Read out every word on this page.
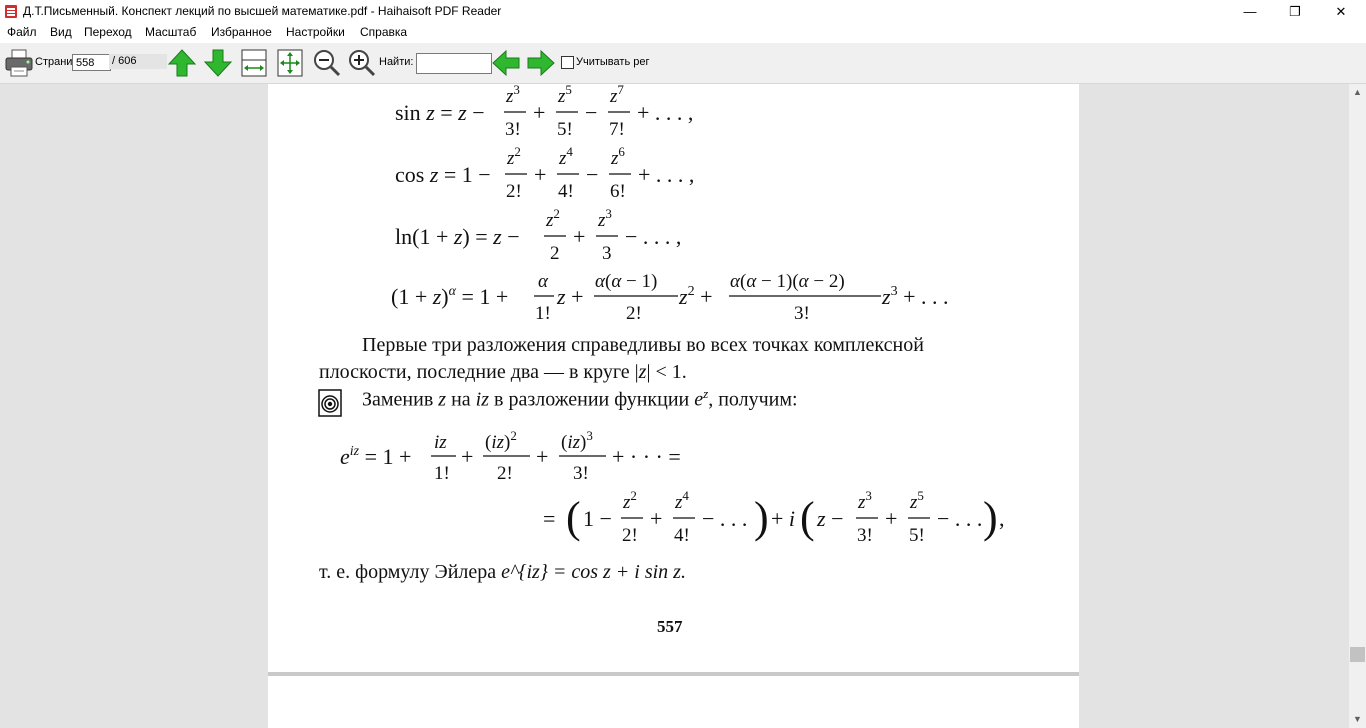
Д.Т.Письменный. Конспект лекций по высшей математике.pdf - Haihaisoft PDF Reader	—	❐	✕
Файл Вид Переход Масштаб Избранное Настройки Справка
Страни
558	/ 606	Найти:	Учитывать рег
sin z = z −
$z^3$
3!
+
$z^5$
5!
−
$z^7$
7!
+ . . . ,
cos z = 1 −
$z^2$
2!
+
$z^4$
4!
−
$z^6$
6!
+ . . . ,
ln(1 + z) = z −
$z^2$
2
+
$z^3$
3
− . . . ,
$(1 + z)^\alpha = 1$ +
α
1!
z +
α(α − 1)
2!
$z^2$ +
α(α − 1)(α − 2)
3!
$z^3$ + . . .
Первые три разложения справедливы во всех точках комплексной
плоскости, последние два — в круге |z| < 1.
Заменив z на iz в разложении функции $e^z$, получим:
$e^{iz} = 1$ +
iz
1!
+
(iz)$^2$
2!
+
(iz)$^3$
3!
+ · · · =
= ( 1 −
$z^2$
2!
+
$z^4$
4!
− . . . ) + i ( z −
$z^3$
3!
+
$z^5$
5!
− . . . ) ,
т. е. формулу Эйлера e^{iz} = cos z + i sin z.
557
▲
▼
